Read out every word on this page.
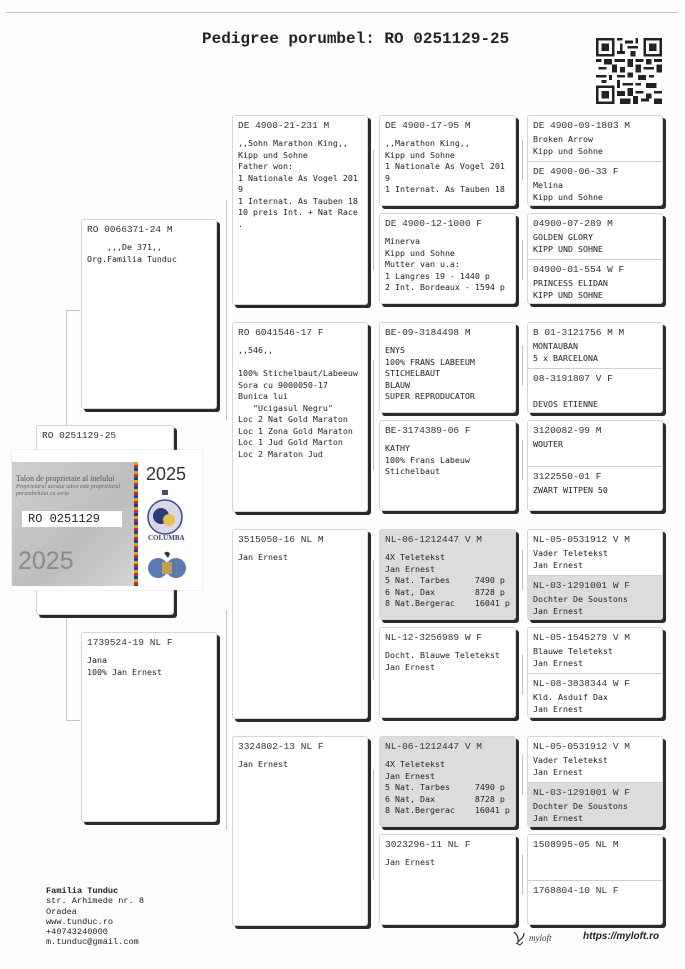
Pedigree porumbel: RO 0251129-25
RO 0251129-25
RO 0066371-24 M
,,,De 371,,
Org.Familia Tunduc
1739524-19 NL F
Jana
100% Jan Ernest
DE 4900-21-231 M
,,Sohn Marathon King,,
Kipp und Sohne
Father won:
1 Nationale As Vogel 201
9
1 Internat. As Tauben 18
10 preis Int. + Nat Race
.
RO 6041546-17 F
,,546,,
100% Stichelbaut/Labeeuw
Sora cu 9000050-17
Bunica lui
"Ucigasul Negru"
Loc 2 Nat Gold Maraton
Loc 1 Zona Gold Maraton
Loc 1 Jud Gold Marton
Loc 2 Maraton Jud
3515050-16 NL M
Jan Ernest
3324802-13 NL F
Jan Ernest
DE 4900-17-95 M
,,Marathon King,,
Kipp und Sohne
1 Nationale As Vogel 201
9
1 Internat. As Tauben 18
DE 4900-12-1000 F
Minerva
Kipp und Sohne
Mutter van u.a:
1 Langres 19 - 1440 p
2 Int. Bordeaux - 1594 p
BE-09-3184498 M
ENYS
100% FRANS LABEEUM
STICHELBAUT
BLAUW
SUPER REPRODUCATOR
BE-3174389-06 F
KATHY
100% Frans Labeuw
Stichelbaut
NL-06-1212447 V M
4X Teletekst
Jan Ernest
5 Nat. Tarbes     7490 p
6 Nat, Dax        8728 p
8 Nat.Bergerac    16041 p
NL-12-3256989 W F
Docht. Blauwe Teletekst
Jan Ernest
NL-06-1212447 V M
4X Teletekst
Jan Ernest
5 Nat. Tarbes     7490 p
6 Nat, Dax        8728 p
8 Nat.Bergerac    16041 p
3023296-11 NL F
Jan Ernest
DE 4900-09-1803 M
Broken Arrow
Kipp und Sohne
DE 4900-06-33 F
Melina
Kipp und Sohne
04900-07-289 M
GOLDEN GLORY
KIPP UND SOHNE
04900-01-554 W F
PRINCESS ELIDAN
KIPP UND SOHNE
B 01-3121756 M M
MONTAUBAN
5 x BARCELONA
08-3191807 V F
DEVOS ETIENNE
3120082-99 M
WOUTER
3122550-01 F
ZWART WITPEN 50
NL-05-0531912 V M
Vader Teletekst
Jan Ernest
NL-03-1291001 W F
Dochter De Soustons
Jan Ernest
NL-05-1545279 V M
Blauwe Teletekst
Jan Ernest
NL-08-3838344 W F
Kld. Asduif Dax
Jan Ernest
NL-05-0531912 V M
Vader Teletekst
Jan Ernest
NL-03-1291001 W F
Dochter De Soustons
Jan Ernest
1508995-05 NL M
1768804-10 NL F
Talon de proprietate al inelului
Proprietarul acestui talon este proprietarul porumbelului cu seria
RO 0251129
2025
2025
COLUMBA
Familia Tunduc
str. Arhimede nr. 8
Oradea
www.tunduc.ro
+40743240000
m.tunduc@gmail.com	myloft	https://myloft.ro
